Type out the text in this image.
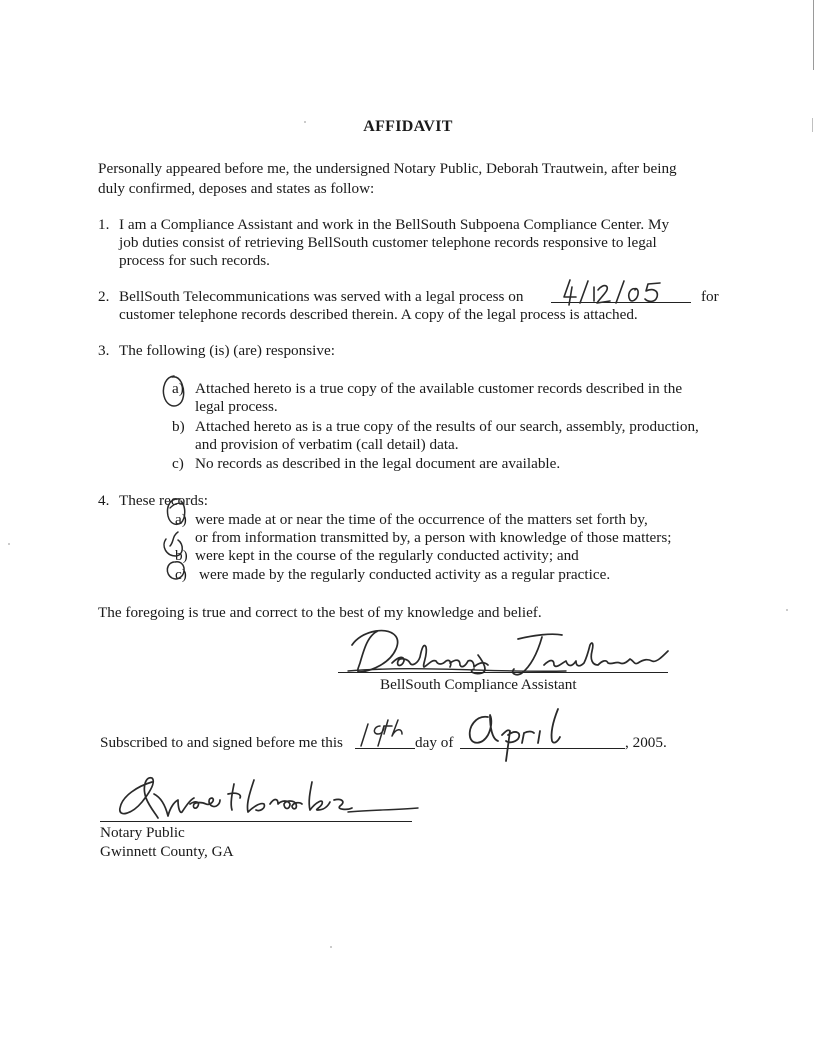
AFFIDAVIT

Personally appeared before me, the undersigned Notary Public, Deborah Trautwein, after being

duly confirmed, deposes and states as follow:

1. I am a Compliance Assistant and work in the BellSouth Subpoena Compliance Center. My

job duties consist of retrieving BellSouth customer telephone records responsive to legal

process for such records.

2. BellSouth Telecommunications was served with a legal process on	for

customer telephone records described therein. A copy of the legal process is attached.

3. The following (is) (are) responsive:

a) Attached hereto is a true copy of the available customer records described in the

legal process.

b) Attached hereto as is a true copy of the results of our search, assembly, production,

and provision of verbatim (call detail) data.

c) No records as described in the legal document are available.

4. These records:

a) were made at or near the time of the occurrence of the matters set forth by,

or from information transmitted by, a person with knowledge of those matters;

b) were kept in the course of the regularly conducted activity; and

c) were made by the regularly conducted activity as a regular practice.

The foregoing is true and correct to the best of my knowledge and belief.

BellSouth Compliance Assistant

Subscribed to and signed before me this	day of	, 2005.

Notary Public

Gwinnett County, GA
